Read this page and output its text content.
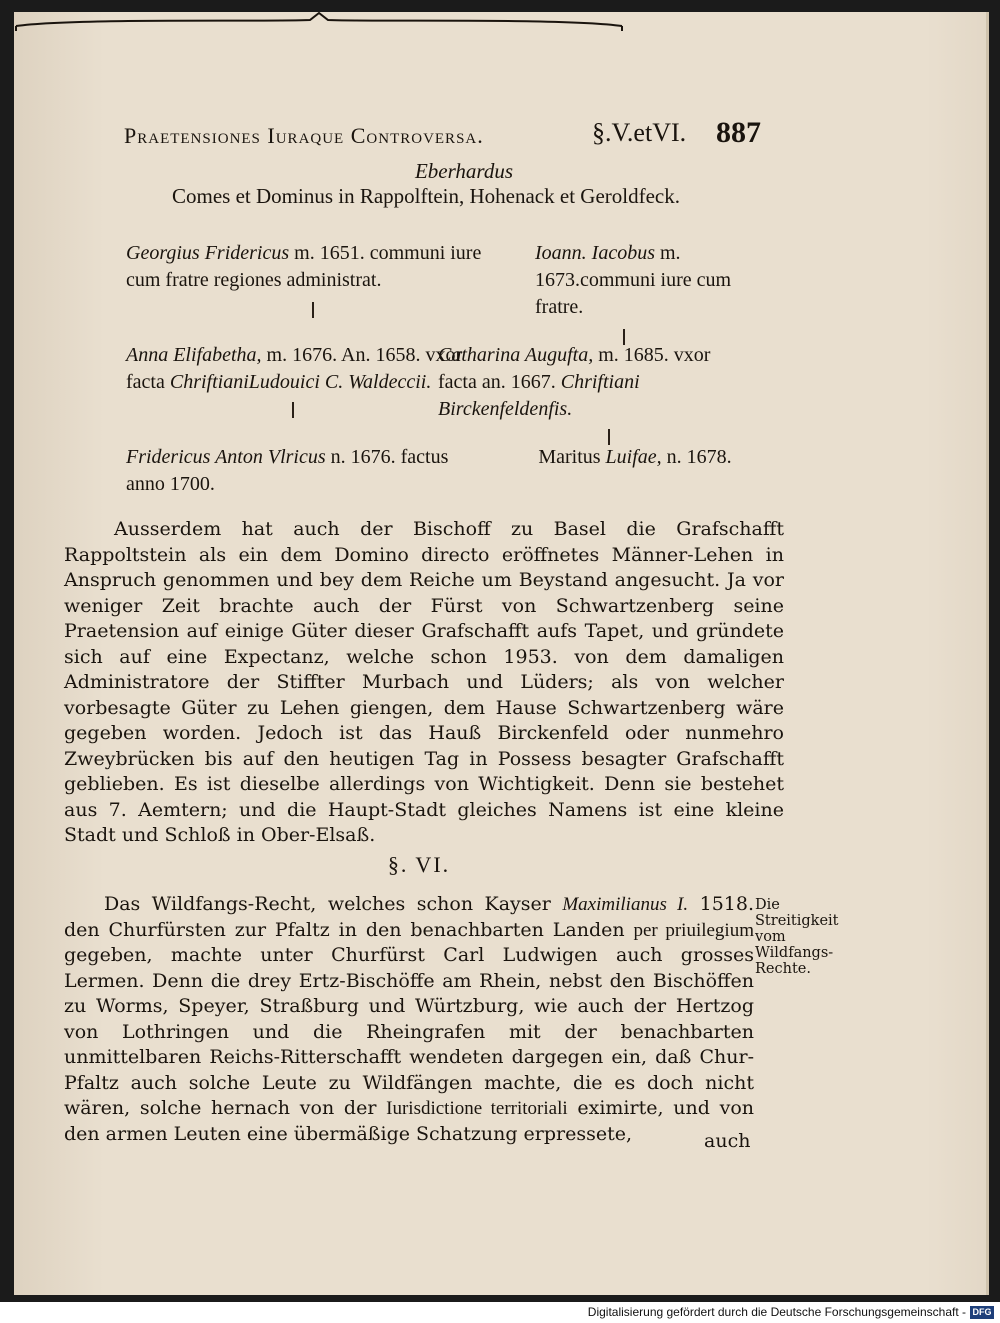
Praetensiones Iuraque Controversa.	§.V.etVI. 887
Eberhardus
Comes et Dominus in Rappolftein, Hohenack et Geroldfeck.
Georgius Fridericus m. 1651. communi iure cum fratre regiones administrat.
Ioann. Iacobus m. 1673.communi iure cum fratre.
Anna Elifabetha, m. 1676. An. 1658. vxor facta ChriftianiLudouici C. Waldeccii.
Catharina Augufta, m. 1685. vxor facta an. 1667. Chriftiani Birckenfeldenfis.
Fridericus Anton Vlricus n. 1676. factus anno 1700.
Maritus Luifae, n. 1678.
Ausserdem hat auch der Bischoff zu Basel die Grafschafft Rappoltstein als ein dem Domino directo eröffnetes Männer-Lehen in Anspruch genommen und bey dem Reiche um Beystand angesucht. Ja vor weniger Zeit brachte auch der Fürst von Schwartzenberg seine Praetension auf einige Güter dieser Grafschafft aufs Tapet, und gründete sich auf eine Expectanz, welche schon 1953. von dem damaligen Administratore der Stiffter Murbach und Lüders; als von welcher vorbesagte Güter zu Lehen giengen, dem Hause Schwartzenberg wäre gegeben worden. Jedoch ist das Hauß Birckenfeld oder nunmehro Zweybrücken bis auf den heutigen Tag in Possess besagter Grafschafft geblieben. Es ist dieselbe allerdings von Wichtigkeit. Denn sie bestehet aus 7. Aemtern; und die Haupt-Stadt gleiches Namens ist eine kleine Stadt und Schloß in Ober-Elsaß.
§. VI.
Das Wildfangs-Recht, welches schon Kayser Maximilianus I. 1518. den Churfürsten zur Pfaltz in den benachbarten Landen per priuilegium gegeben, machte unter Churfürst Carl Ludwigen auch grosses Lermen. Denn die drey Ertz-Bischöffe am Rhein, nebst den Bischöffen zu Worms, Speyer, Straßburg und Würtzburg, wie auch der Hertzog von Lothringen und die Rheingrafen mit der benachbarten unmittelbaren Reichs-Ritterschafft wendeten dargegen ein, daß Chur-Pfaltz auch solche Leute zu Wildfängen machte, die es doch nicht wären, solche hernach von der Iurisdictione territoriali eximirte, und von den armen Leuten eine übermäßige Schatzung erpressete,	auch
Die Streitigkeit vom Wildfangs-Rechte.
Digitalisierung gefördert durch die Deutsche Forschungsgemeinschaft - DFG
